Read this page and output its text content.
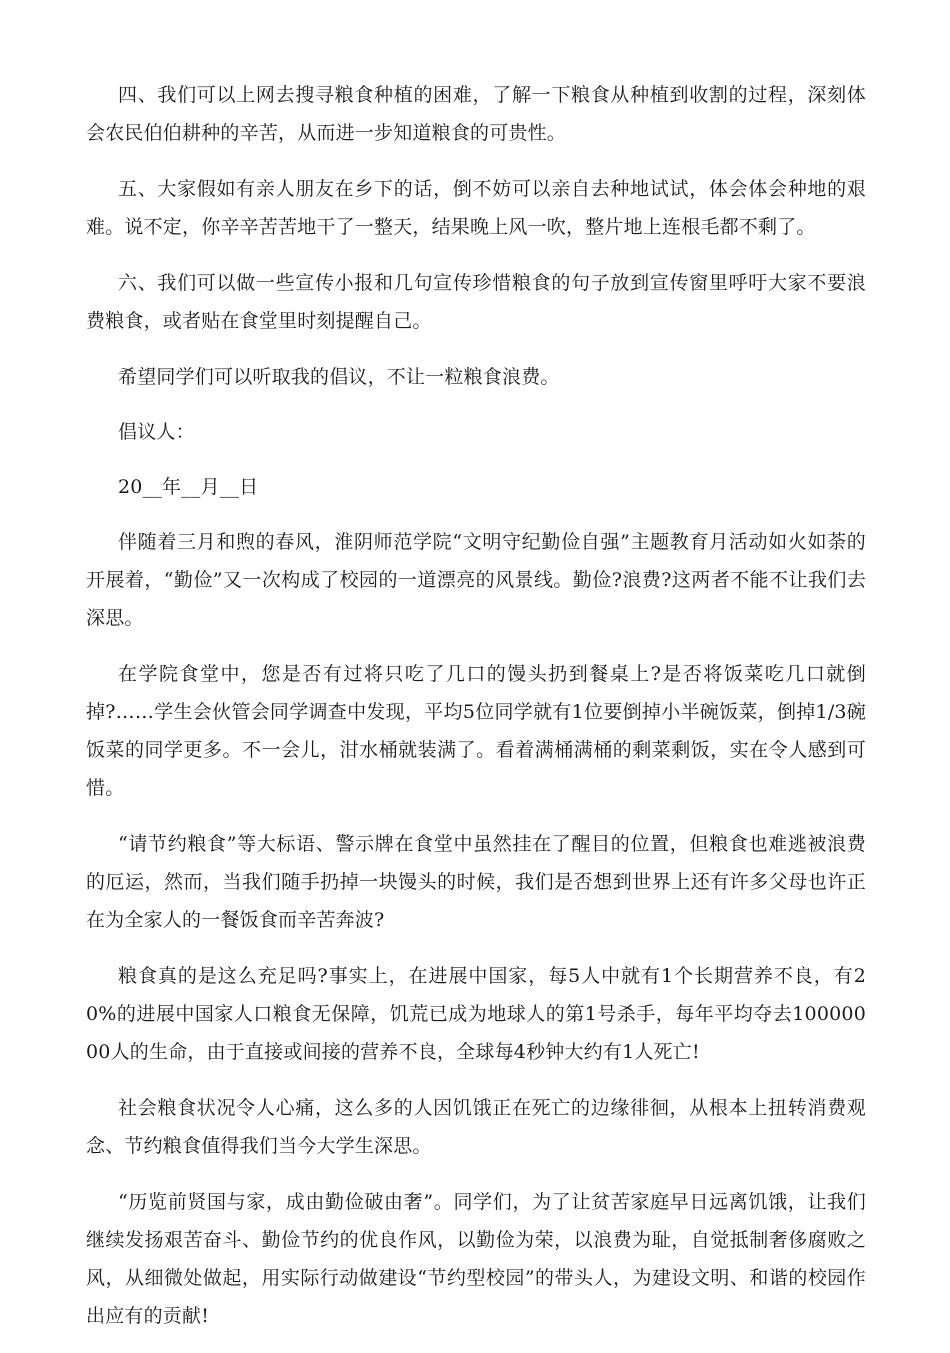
四、我们可以上网去搜寻粮食种植的困难，了解一下粮食从种植到收割的过程，深刻体会农民伯伯耕种的辛苦，从而进一步知道粮食的可贵性。

五、大家假如有亲人朋友在乡下的话，倒不妨可以亲自去种地试试，体会体会种地的艰难。说不定，你辛辛苦苦地干了一整天，结果晚上风一吹，整片地上连根毛都不剩了。

六、我们可以做一些宣传小报和几句宣传珍惜粮食的句子放到宣传窗里呼吁大家不要浪费粮食，或者贴在食堂里时刻提醒自己。

希望同学们可以听取我的倡议，不让一粒粮食浪费。

倡议人：

20__年__月__日

伴随着三月和煦的春风，淮阴师范学院“文明守纪勤俭自强”主题教育月活动如火如荼的开展着，“勤俭”又一次构成了校园的一道漂亮的风景线。勤俭?浪费?这两者不能不让我们去深思。

在学院食堂中，您是否有过将只吃了几口的馒头扔到餐桌上?是否将饭菜吃几口就倒掉?……学生会伙管会同学调查中发现，平均5位同学就有1位要倒掉小半碗饭菜，倒掉1/3碗饭菜的同学更多。不一会儿，泔水桶就装满了。看着满桶满桶的剩菜剩饭，实在令人感到可惜。

“请节约粮食”等大标语、警示牌在食堂中虽然挂在了醒目的位置，但粮食也难逃被浪费的厄运，然而，当我们随手扔掉一块馒头的时候，我们是否想到世界上还有许多父母也许正在为全家人的一餐饭食而辛苦奔波?

粮食真的是这么充足吗?事实上，在进展中国家，每5人中就有1个长期营养不良，有20%的进展中国家人口粮食无保障，饥荒已成为地球人的第1号杀手，每年平均夺去10000000人的生命，由于直接或间接的营养不良，全球每4秒钟大约有1人死亡!

社会粮食状况令人心痛，这么多的人因饥饿正在死亡的边缘徘徊，从根本上扭转消费观念、节约粮食值得我们当今大学生深思。

“历览前贤国与家，成由勤俭破由奢”。同学们，为了让贫苦家庭早日远离饥饿，让我们继续发扬艰苦奋斗、勤俭节约的优良作风，以勤俭为荣，以浪费为耻，自觉抵制奢侈腐败之风，从细微处做起，用实际行动做建设“节约型校园”的带头人，为建设文明、和谐的校园作出应有的贡献!
